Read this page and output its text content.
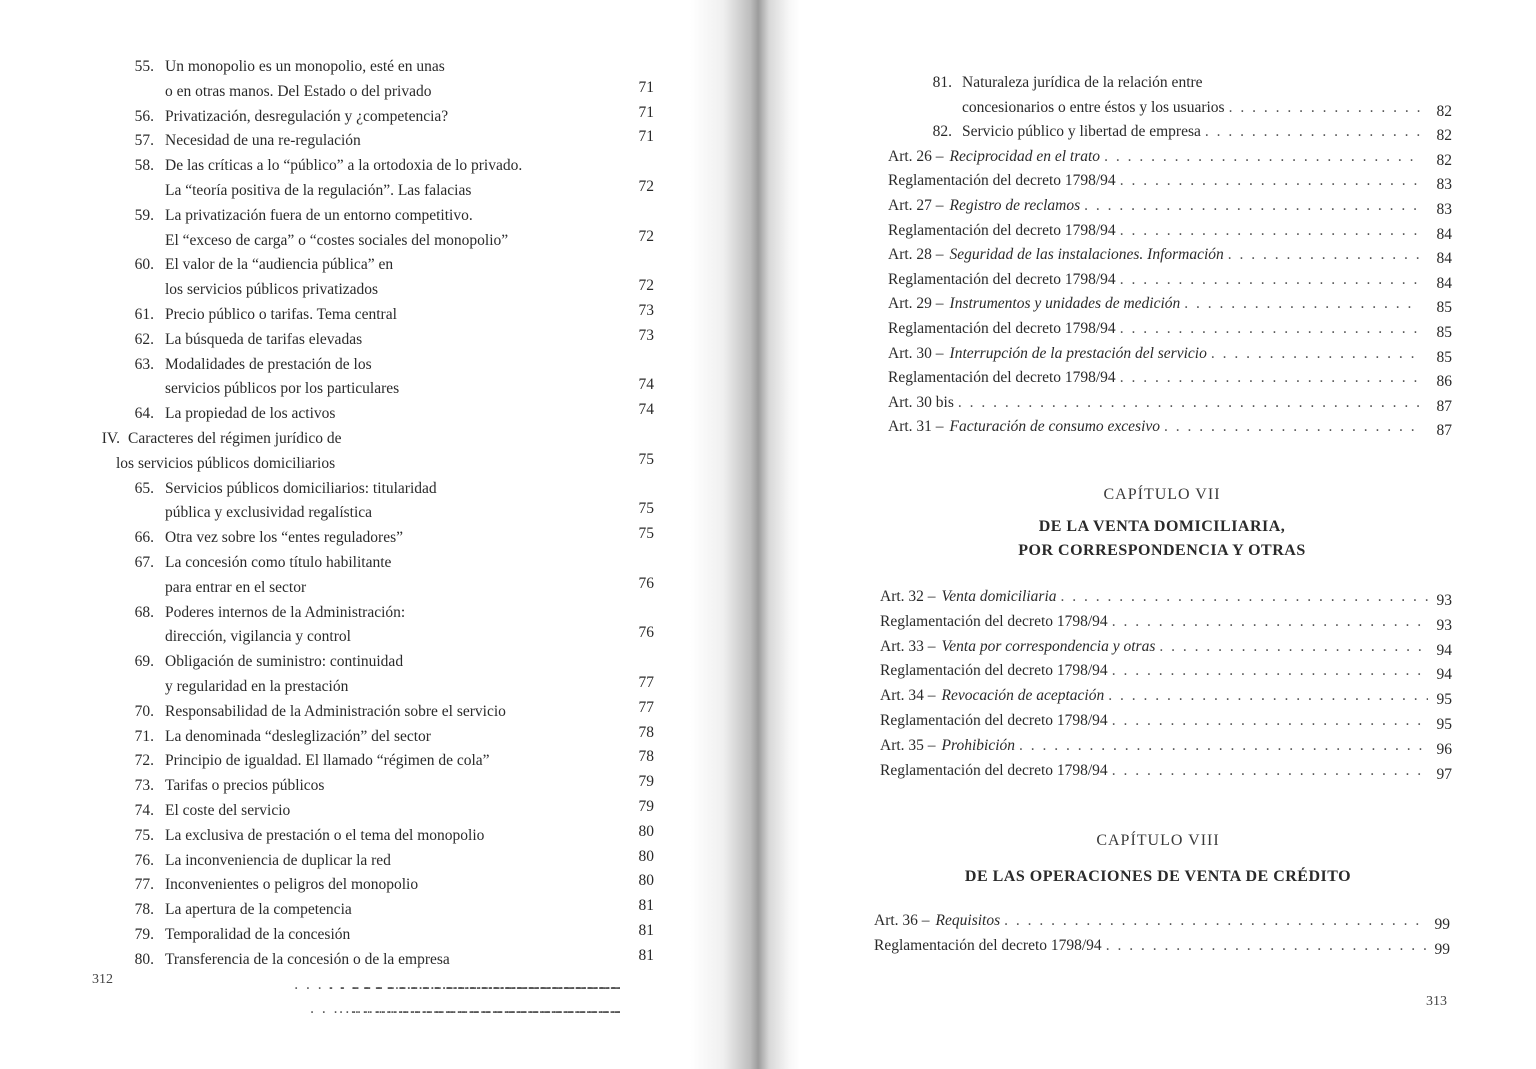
55. Un monopolio es un monopolio, esté en unas
o en otras manos. Del Estado o del privado	71
56. Privatización, desregulación y ¿competencia?	71
57. Necesidad de una re-regulación	71
58. De las críticas a lo “público” a la ortodoxia de lo privado.
La “teoría positiva de la regulación”. Las falacias	72
59. La privatización fuera de un entorno competitivo.
El “exceso de carga” o “costes sociales del monopolio”	72
60. El valor de la “audiencia pública” en
los servicios públicos privatizados	72
61. Precio público o tarifas. Tema central	73
62. La búsqueda de tarifas elevadas	73
63. Modalidades de prestación de los
servicios públicos por los particulares	74
64. La propiedad de los activos	74
IV. Caracteres del régimen jurídico de
los servicios públicos domiciliarios	75
65. Servicios públicos domiciliarios: titularidad
pública y exclusividad regalística	75
66. Otra vez sobre los “entes reguladores”	75
67. La concesión como título habilitante
para entrar en el sector	76
68. Poderes internos de la Administración:
dirección, vigilancia y control	76
69. Obligación de suministro: continuidad
y regularidad en la prestación	77
70. Responsabilidad de la Administración sobre el servicio	77
71. La denominada “desleglización” del sector	78
72. Principio de igualdad. El llamado “régimen de cola”	78
73. Tarifas o precios públicos	79
74. El coste del servicio	79
75. La exclusiva de prestación o el tema del monopolio	80
76. La inconveniencia de duplicar la red	80
77. Inconvenientes o peligros del monopolio	80
78. La apertura de la competencia	81
79. Temporalidad de la concesión	81
80. Transferencia de la concesión o de la empresa	81
. . .
. . .
. . .
. . .
. . .
. . .
. . .
. . .
. . .
. . .
. . .
. . .
. . .
. . .
. . .
. . .
. . .
. . .
. . .
. . .
. . .
. . .
. . .
. . .
. . .
. . .
. . .
312
81. Naturaleza jurídica de la relación entre
concesionarios o entre éstos y los usuarios	82
82. Servicio público y libertad de empresa	82
Art. 26 – Reciprocidad en el trato	82
Reglamentación del decreto 1798/94	83
Art. 27 – Registro de reclamos	83
Reglamentación del decreto 1798/94	84
Art. 28 – Seguridad de las instalaciones. Información	84
Reglamentación del decreto 1798/94	84
Art. 29 – Instrumentos y unidades de medición	85
Reglamentación del decreto 1798/94	85
Art. 30 – Interrupción de la prestación del servicio	85
Reglamentación del decreto 1798/94	86
Art. 30 bis	87
Art. 31 – Facturación de consumo excesivo	87
. . .
. . .
. . .
. . .
. . .
. . .
. . .
. . .
. . .
. . .
. . .
. . .
. . .
. . .
CAPÍTULO VII
DE LA VENTA DOMICILIARIA,
POR CORRESPONDENCIA Y OTRAS
Art. 32 – Venta domiciliaria	93
Reglamentación del decreto 1798/94	93
Art. 33 – Venta por correspondencia y otras	94
Reglamentación del decreto 1798/94	94
Art. 34 – Revocación de aceptación	95
Reglamentación del decreto 1798/94	95
Art. 35 – Prohibición	96
Reglamentación del decreto 1798/94	97
. . .
. . .
. . .
. . .
. . .
. . .
. . .
. . .
CAPÍTULO VIII
DE LAS OPERACIONES DE VENTA DE CRÉDITO
Art. 36 – Requisitos	99
Reglamentación del decreto 1798/94	99
. . .
. . .
313
